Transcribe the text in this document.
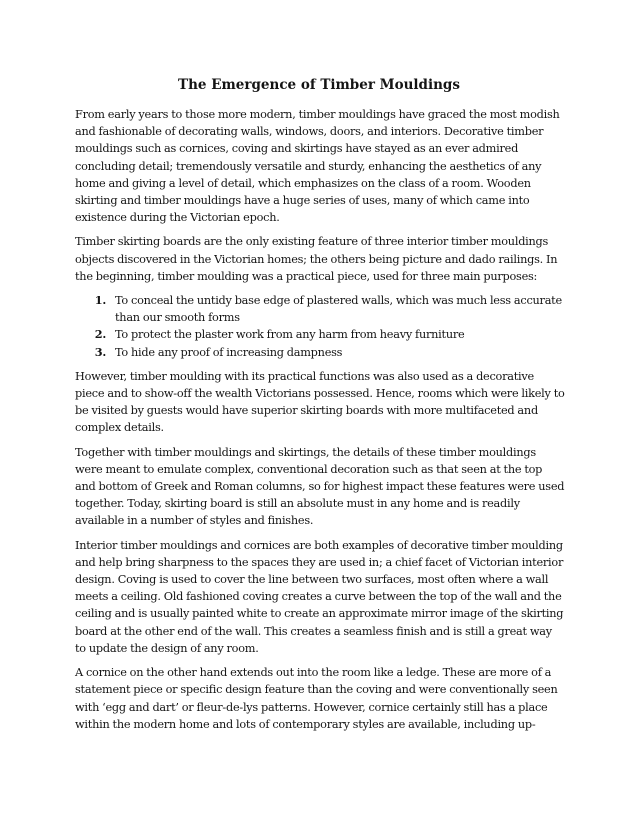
The Emergence of Timber Mouldings

From early years to those more modern, timber mouldings have graced the most modish and fashionable of decorating walls, windows, doors, and interiors. Decorative timber mouldings such as cornices, coving and skirtings have stayed as an ever admired concluding detail; tremendously versatile and sturdy, enhancing the aesthetics of any home and giving a level of detail, which emphasizes on the class of a room. Wooden skirting and timber mouldings have a huge series of uses, many of which came into existence during the Victorian epoch.

Timber skirting boards are the only existing feature of three interior timber mouldings objects discovered in the Victorian homes; the others being picture and dado railings. In the beginning, timber moulding was a practical piece, used for three main purposes:

1. To conceal the untidy base edge of plastered walls, which was much less accurate than our smooth forms
2. To protect the plaster work from any harm from heavy furniture
3. To hide any proof of increasing dampness

However, timber moulding with its practical functions was also used as a decorative piece and to show-off the wealth Victorians possessed. Hence, rooms which were likely to be visited by guests would have superior skirting boards with more multifaceted and complex details.

Together with timber mouldings and skirtings, the details of these timber mouldings were meant to emulate complex, conventional decoration such as that seen at the top and bottom of Greek and Roman columns, so for highest impact these features were used together. Today, skirting board is still an absolute must in any home and is readily available in a number of styles and finishes.

Interior timber mouldings and cornices are both examples of decorative timber moulding and help bring sharpness to the spaces they are used in; a chief facet of Victorian interior design. Coving is used to cover the line between two surfaces, most often where a wall meets a ceiling. Old fashioned coving creates a curve between the top of the wall and the ceiling and is usually painted white to create an approximate mirror image of the skirting board at the other end of the wall. This creates a seamless finish and is still a great way to update the design of any room.

A cornice on the other hand extends out into the room like a ledge. These are more of a statement piece or specific design feature than the coving and were conventionally seen with ‘egg and dart’ or fleur-de-lys patterns. However, cornice certainly still has a place within the modern home and lots of contemporary styles are available, including up-
